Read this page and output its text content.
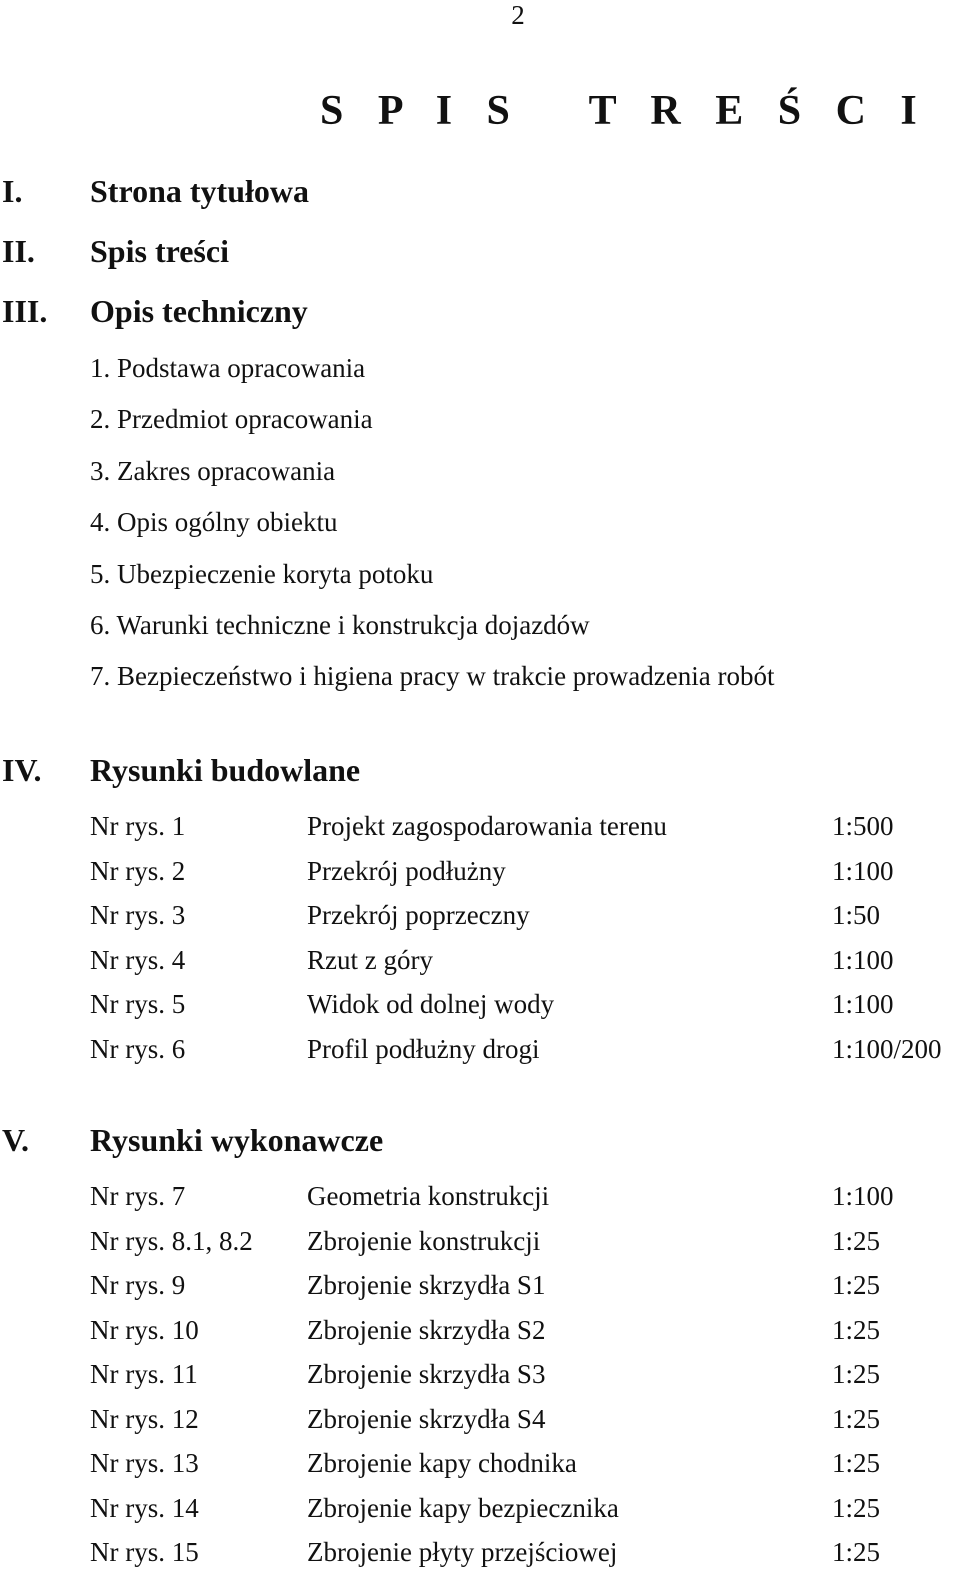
2
S P I S   T R E Ś C I
I. Strona tytułowa
II. Spis treści
III. Opis techniczny
1. Podstawa opracowania
2. Przedmiot opracowania
3. Zakres opracowania
4. Opis ogólny obiektu
5. Ubezpieczenie koryta potoku
6. Warunki techniczne i konstrukcja dojazdów
7. Bezpieczeństwo i higiena pracy w trakcie prowadzenia robót
IV. Rysunki budowlane
Nr rys. 1	Projekt zagospodarowania terenu	1:500
Nr rys. 2	Przekrój podłużny	1:100
Nr rys. 3	Przekrój poprzeczny	1:50
Nr rys. 4	Rzut z góry	1:100
Nr rys. 5	Widok od dolnej wody	1:100
Nr rys. 6	Profil podłużny drogi	1:100/200
V. Rysunki wykonawcze
Nr rys. 7	Geometria konstrukcji	1:100
Nr rys. 8.1, 8.2 Zbrojenie konstrukcji	1:25
Nr rys. 9	Zbrojenie skrzydła S1	1:25
Nr rys. 10	Zbrojenie skrzydła S2	1:25
Nr rys. 11	Zbrojenie skrzydła S3	1:25
Nr rys. 12	Zbrojenie skrzydła S4	1:25
Nr rys. 13	Zbrojenie kapy chodnika	1:25
Nr rys. 14	Zbrojenie kapy bezpiecznika	1:25
Nr rys. 15	Zbrojenie płyty przejściowej	1:25
